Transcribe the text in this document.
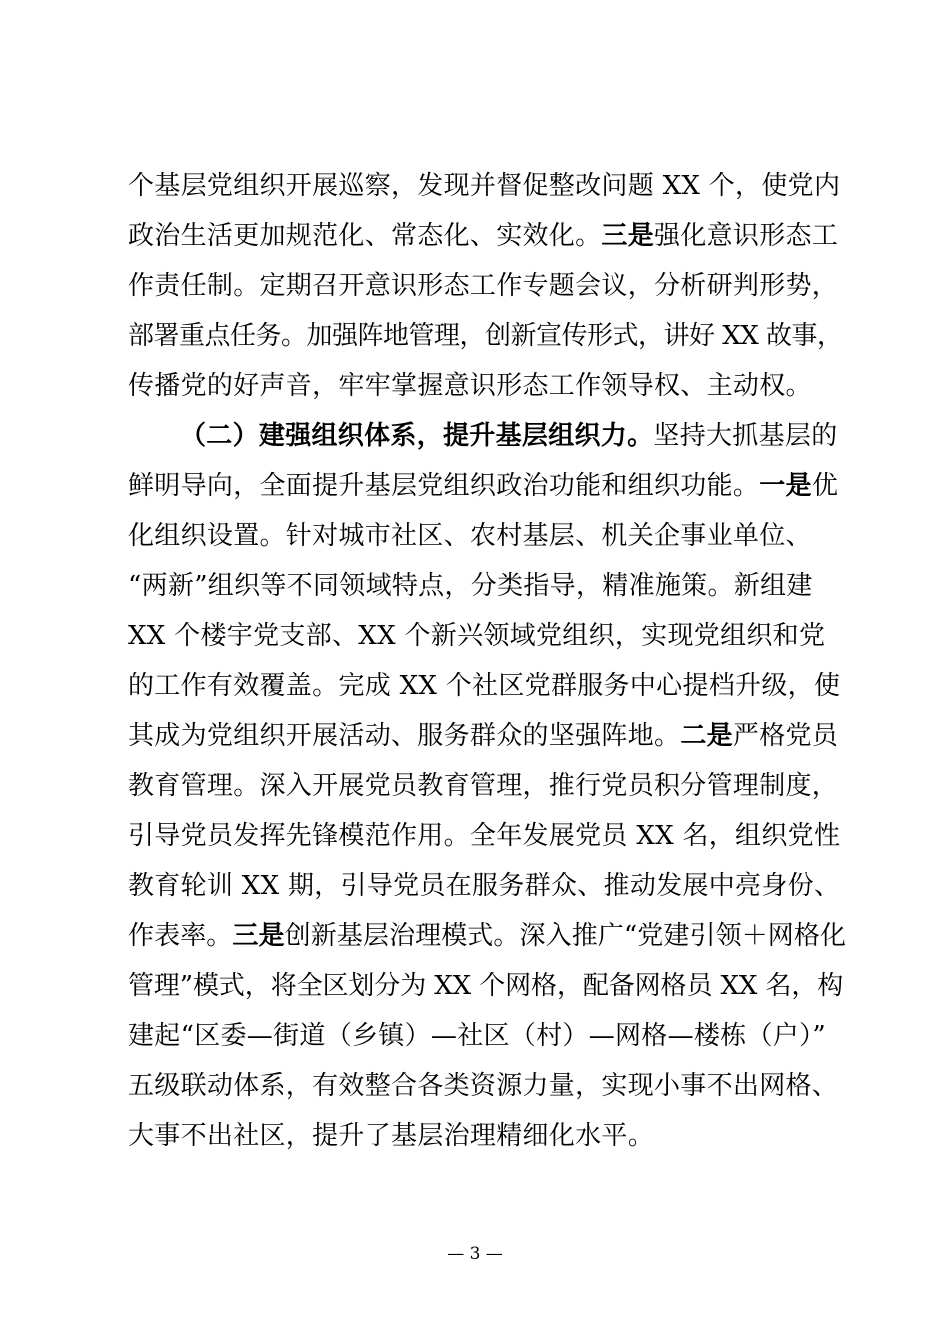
个基层党组织开展巡察，发现并督促整改问题 XX 个，使党内
政治生活更加规范化、常态化、实效化。三是强化意识形态工
作责任制。定期召开意识形态工作专题会议，分析研判形势，
部署重点任务。加强阵地管理，创新宣传形式，讲好 XX 故事，
传播党的好声音，牢牢掌握意识形态工作领导权、主动权。
（二）建强组织体系，提升基层组织力。坚持大抓基层的
鲜明导向，全面提升基层党组织政治功能和组织功能。一是优
化组织设置。针对城市社区、农村基层、机关企事业单位、
“两新”组织等不同领域特点，分类指导，精准施策。新组建
XX 个楼宇党支部、XX 个新兴领域党组织，实现党组织和党
的工作有效覆盖。完成 XX 个社区党群服务中心提档升级，使
其成为党组织开展活动、服务群众的坚强阵地。二是严格党员
教育管理。深入开展党员教育管理，推行党员积分管理制度，
引导党员发挥先锋模范作用。全年发展党员 XX 名，组织党性
教育轮训 XX 期，引导党员在服务群众、推动发展中亮身份、
作表率。三是创新基层治理模式。深入推广“党建引领＋网格化
管理”模式，将全区划分为 XX 个网格，配备网格员 XX 名，构
建起“区委—街道（乡镇）—社区（村）—网格—楼栋（户）”
五级联动体系，有效整合各类资源力量，实现小事不出网格、
大事不出社区，提升了基层治理精细化水平。
— 3 —
